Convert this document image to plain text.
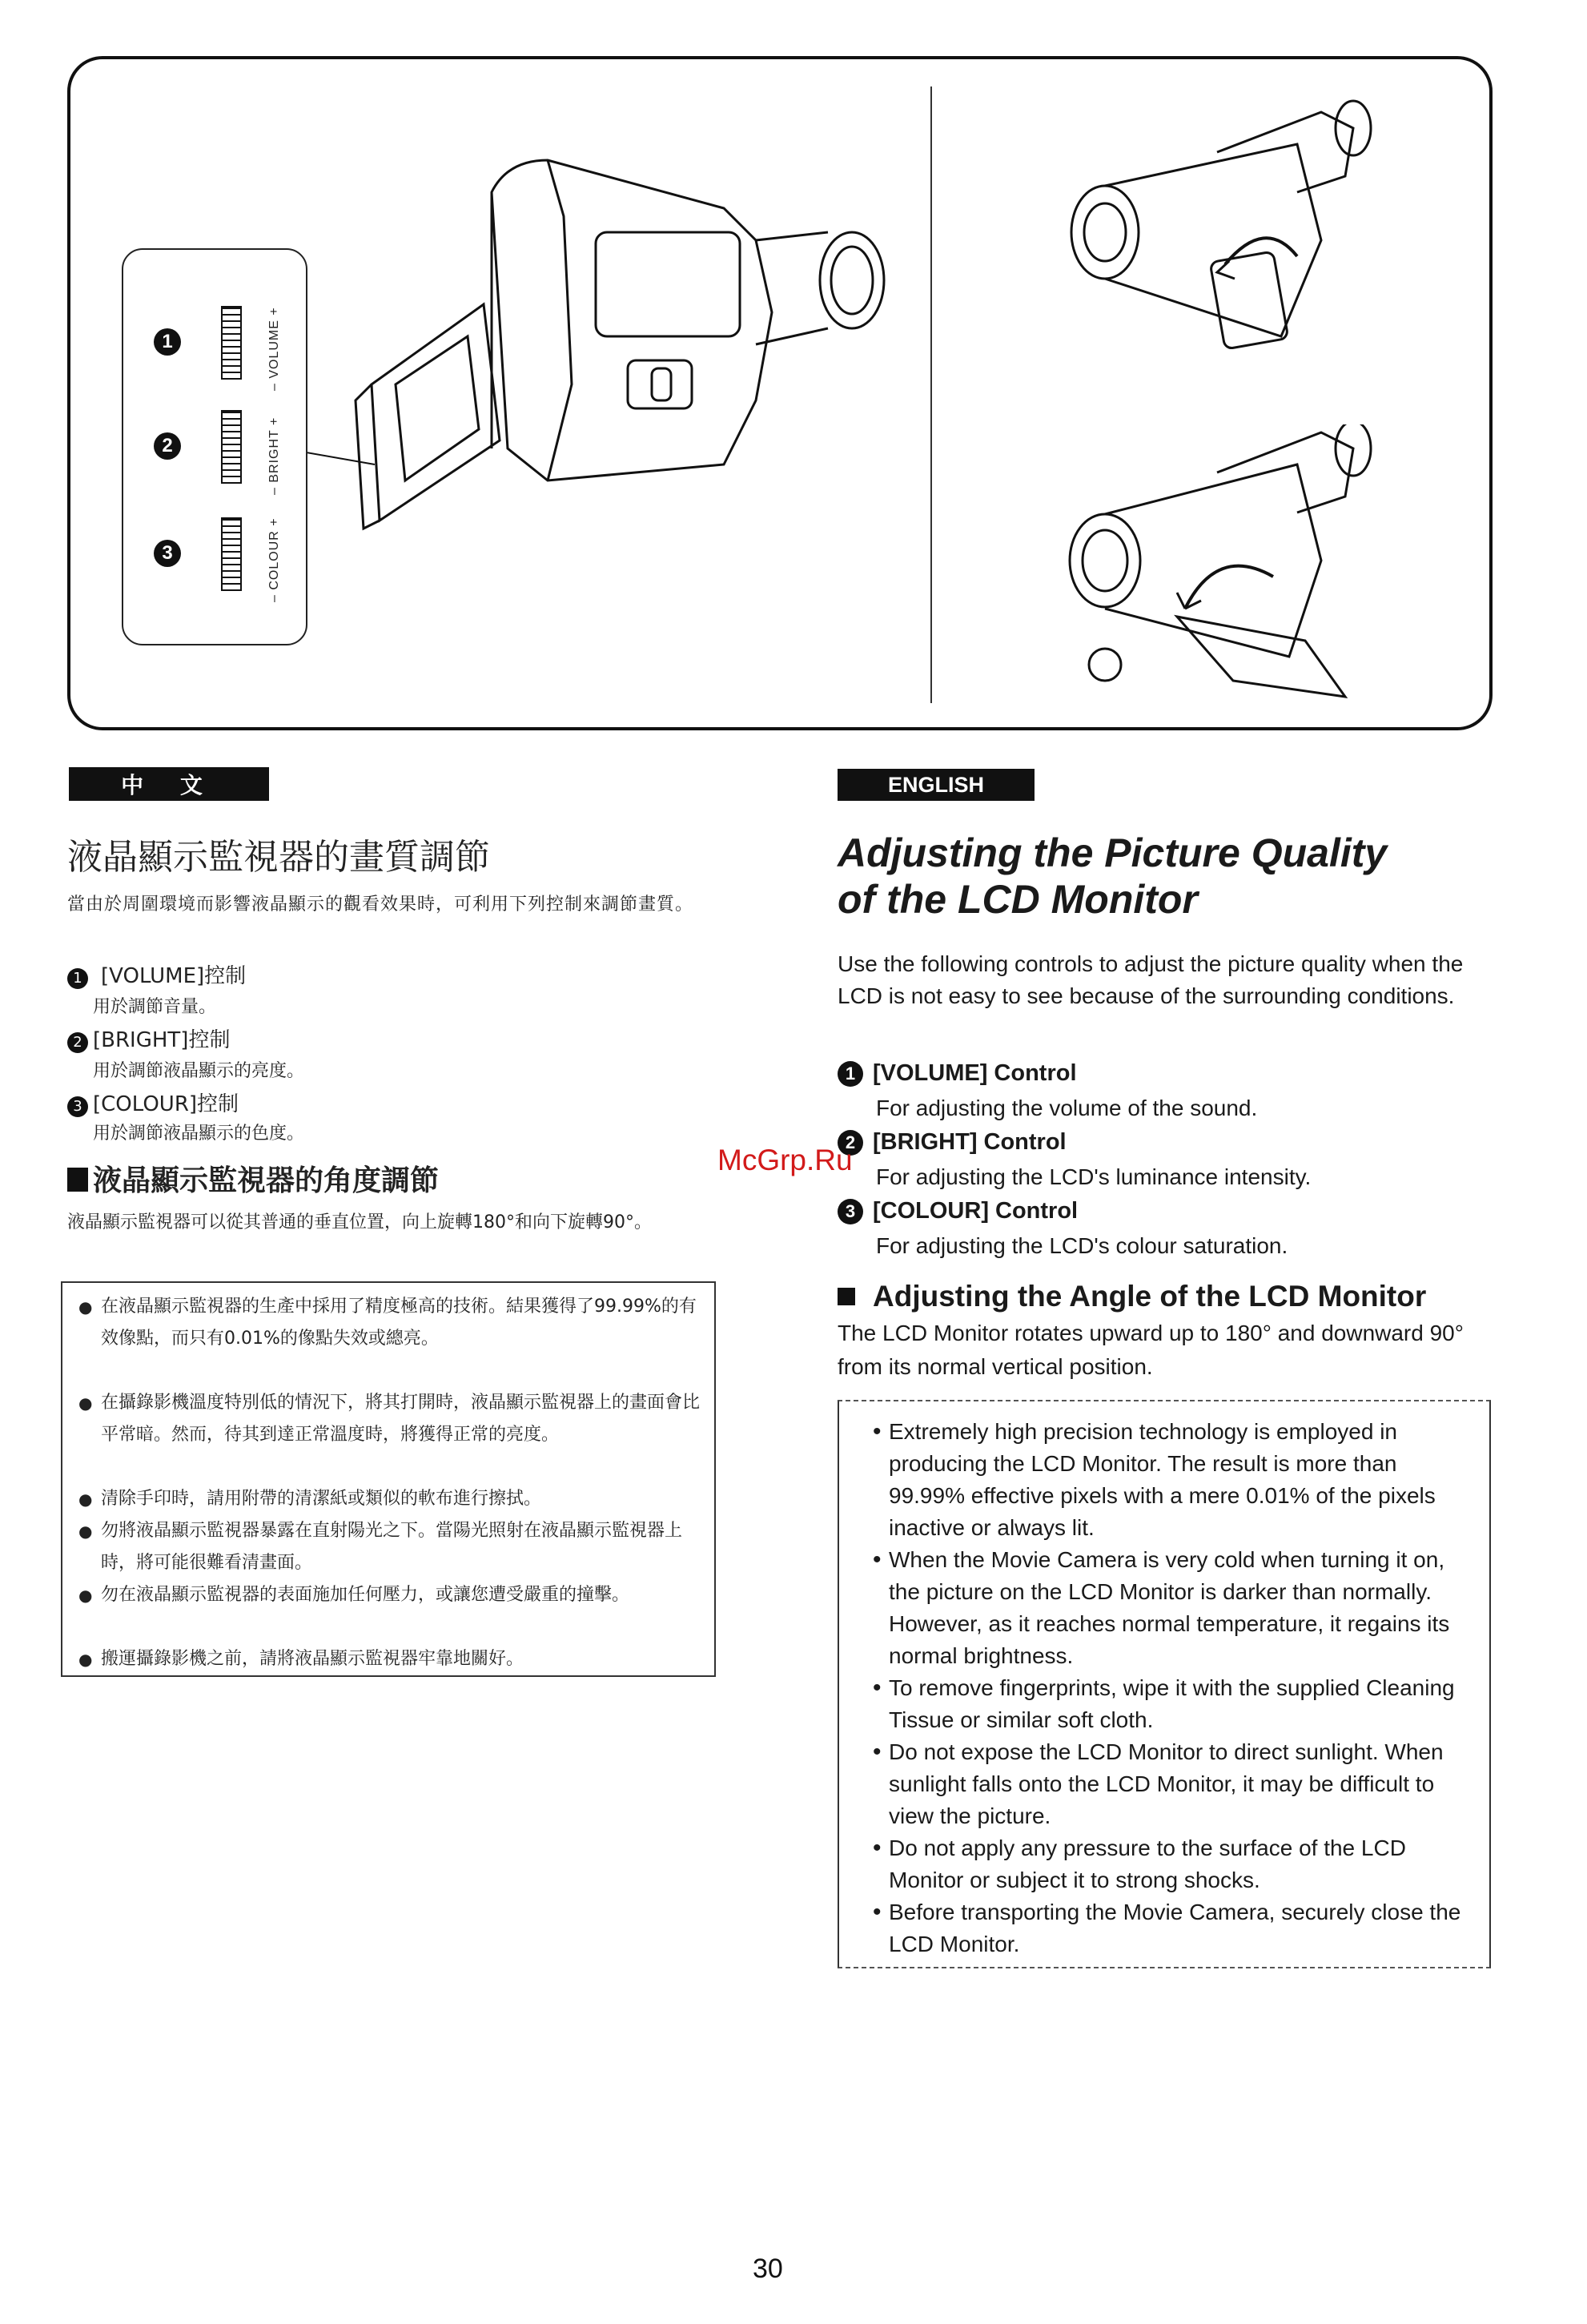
1	– VOLUME +
2	– BRIGHT +
3	– COLOUR +
中 文
液晶顯示監視器的畫質調節
當由於周圍環境而影響液晶顯示的觀看效果時，可利用下列控制來調節畫質。
1 [VOLUME]控制
用於調節音量。
2 [BRIGHT]控制
用於調節液晶顯示的亮度。
3 [COLOUR]控制
用於調節液晶顯示的色度。
液晶顯示監視器的角度調節
液晶顯示監視器可以從其普通的垂直位置，向上旋轉180°和向下旋轉90°。
● 在液晶顯示監視器的生產中採用了精度極高的技術。結果獲得了99.99%的有效像點，而只有0.01%的像點失效或總亮。
● 在攝錄影機溫度特別低的情況下，將其打開時，液晶顯示監視器上的畫面會比平常暗。然而，待其到達正常溫度時，將獲得正常的亮度。
● 清除手印時，請用附帶的清潔紙或類似的軟布進行擦拭。
● 勿將液晶顯示監視器暴露在直射陽光之下。當陽光照射在液晶顯示監視器上時，將可能很難看清畫面。
● 勿在液晶顯示監視器的表面施加任何壓力，或讓您遭受嚴重的撞擊。
● 搬運攝錄影機之前，請將液晶顯示監視器牢靠地關好。
ENGLISH
Adjusting the Picture Quality
of the LCD Monitor
Use the following controls to adjust the picture quality when the LCD is not easy to see because of the surrounding conditions.
1 [VOLUME] Control
For adjusting the volume of the sound.
2 [BRIGHT] Control
For adjusting the LCD's luminance intensity.
3 [COLOUR] Control
For adjusting the LCD's colour saturation.
Adjusting the Angle of the LCD Monitor
The LCD Monitor rotates upward up to 180° and downward 90° from its normal vertical position.
• Extremely high precision technology is employed in producing the LCD Monitor. The result is more than 99.99% effective pixels with a mere 0.01% of the pixels inactive or always lit.
• When the Movie Camera is very cold when turning it on, the picture on the LCD Monitor is darker than normally. However, as it reaches normal temperature, it regains its normal brightness.
• To remove fingerprints, wipe it with the supplied Cleaning Tissue or similar soft cloth.
• Do not expose the LCD Monitor to direct sunlight. When sunlight falls onto the LCD Monitor, it may be difficult to view the picture.
• Do not apply any pressure to the surface of the LCD Monitor or subject it to strong shocks.
• Before transporting the Movie Camera, securely close the LCD Monitor.
McGrp.Ru
30
